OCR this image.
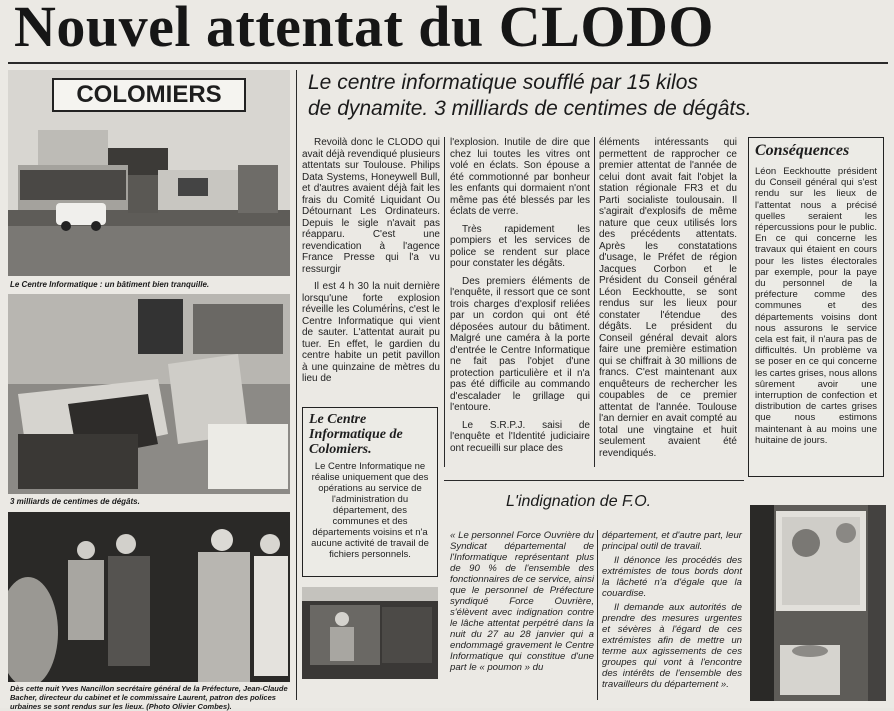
Nouvel attentat du CLODO
COLOMIERS
Le Centre Informatique : un bâtiment bien tranquille.
3 milliards de centimes de dégâts.
Dès cette nuit Yves Nancillon secrétaire général de la Préfecture, Jean-Claude Bacher, directeur du cabinet et le commissaire Laurent, patron des polices urbaines se sont rendus sur les lieux. (Photo Olivier Combes).
Le centre informatique soufflé par 15 kilos
de dynamite. 3 milliards de centimes de dégâts.

Revoilà donc le CLODO qui avait déjà revendiqué plusieurs attentats sur Toulouse. Philips Data Systems, Honeywell Bull, et d'autres avaient déjà fait les frais du Comité Liquidant Ou Détournant Les Ordinateurs. Depuis le sigle n'avait pas réapparu. C'est une revendication à l'agence France Presse qui l'a vu ressurgir

Il est 4 h 30 la nuit dernière lorsqu'une forte explosion réveille les Columéri̇ns, c'est le Centre Informatique qui vient de sauter. L'attentat aurait pu tuer. En effet, le gardien du centre habite un petit pavillon à une quinzaine de mètres du lieu de

l'explosion. Inutile de dire que chez lui toutes les vitres ont volé en éclats. Son épouse a été commotionné par bonheur les enfants qui dormaient n'ont même pas été blessés par les éclats de verre.

Très rapidement les pompiers et les services de police se rendent sur place pour constater les dégâts.

Des premiers éléments de l'enquête, il ressort que ce sont trois charges d'explosif reliées par un cordon qui ont été déposées autour du bâtiment. Malgré une caméra à la porte d'entrée le Centre Informatique ne fait pas l'objet d'une protection particulière et il n'a pas été difficile au commando d'escalader le grillage qui l'entoure.

Le S.R.P.J. saisi de l'enquête et l'Identité judiciaire ont recueilli sur place des

éléments intéressants qui permettent de rapprocher ce premier attentat de l'année de celui dont avait fait l'objet la station régionale FR3 et du Parti socialiste toulousain. Il s'agirait d'explosifs de même nature que ceux utilisés lors des précédents attentats. Après les constatations d'usage, le Préfet de région Jacques Corbon et le Président du Conseil général Léon Eeckhoutte, se sont rendus sur les lieux pour constater l'étendue des dégâts. Le président du Conseil général devait alors faire une première estimation qui se chiffrait à 30 millions de francs. C'est maintenant aux enquêteurs de rechercher les coupables de ce premier attentat de l'année. Toulouse l'an dernier en avait compté au total une vingtaine et huit seulement avaient été revendiqués.

Le Centre Informatique de Colomiers.
Le Centre Informatique ne réalise uniquement que des opérations au service de l'administration du département, des communes et des départements voisins et n'a aucune activité de travail de fichiers personnels.
Conséquences
Léon Eeckhoutte président du Conseil général qui s'est rendu sur les lieux de l'attentat nous a précisé quelles seraient les répercussions pour le public. En ce qui concerne les travaux qui étaient en cours pour les listes électorales par exemple, pour la paye du personnel de la préfecture comme des communes et des départements voisins dont nous assurons le service cela est fait, il n'aura pas de difficultés. Un problème va se poser en ce qui concerne les cartes grises, nous allons sûrement avoir une interruption de confection et distribution de cartes grises que nous estimons maintenant à au moins une huitaine de jours.
L'indignation de F.O.
« Le personnel Force Ouvrière du Syndicat départemental de l'Informatique représentant plus de 90 % de l'ensemble des fonctionnaires de ce service, ainsi que le personnel de Préfecture syndiqué Force Ouvrière, s'élèvent avec indignation contre le lâche attentat perpétré dans la nuit du 27 au 28 janvier qui a endommagé gravement le Centre Informatique qui constitue d'une part le « poumon » du

département, et d'autre part, leur principal outil de travail.

Il dénonce les procédés des extrémistes de tous bords dont la lâcheté n'a d'égale que la couardise.

Il demande aux autorités de prendre des mesures urgentes et sévères à l'égard de ces extrémistes afin de mettre un terme aux agissements de ces groupes qui vont à l'encontre des intérêts de l'ensemble des travailleurs du département ».
